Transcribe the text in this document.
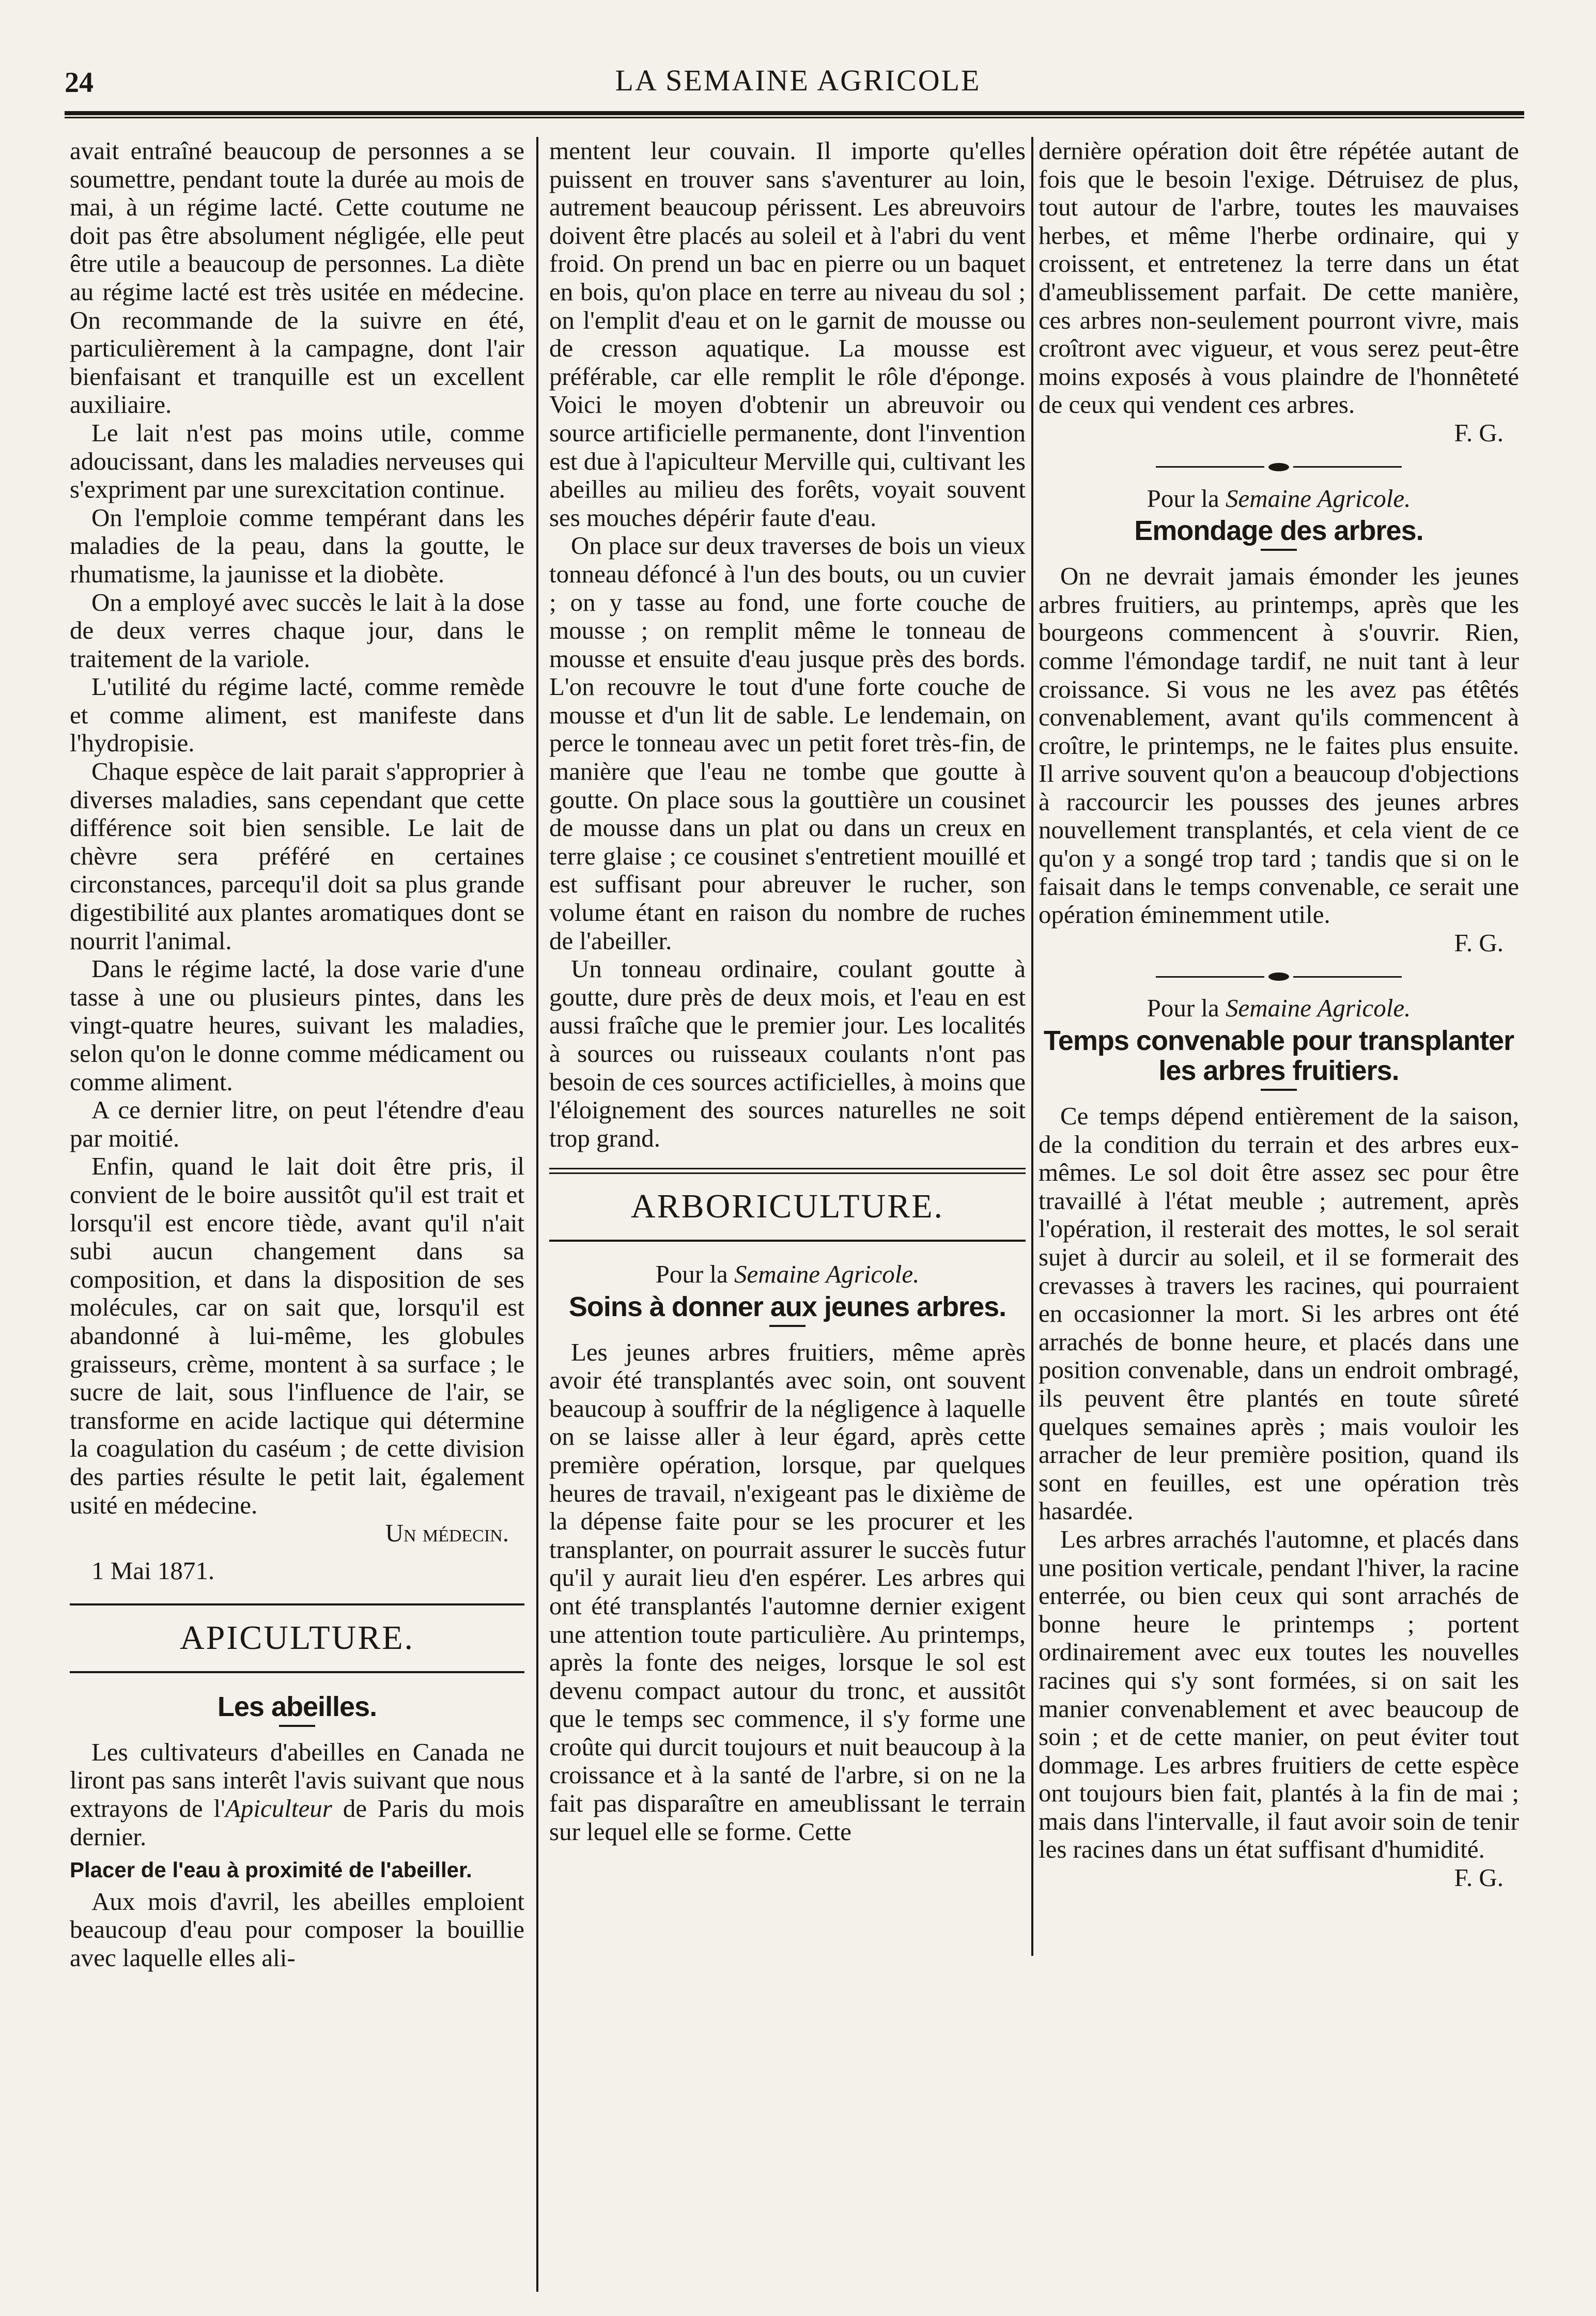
24	LA SEMAINE AGRICOLE

avait entraîné beaucoup de personnes a se soumettre, pendant toute la durée au mois de mai, à un régime lacté. Cette coutume ne doit pas être absolument négligée, elle peut être utile a beaucoup de personnes. La diète au régime lacté est très usitée en médecine. On recommande de la suivre en été, particulièrement à la campagne, dont l'air bienfaisant et tranquille est un excellent auxiliaire.

Le lait n'est pas moins utile, comme adoucissant, dans les maladies nerveuses qui s'expriment par une surexcitation continue.

On l'emploie comme tempérant dans les maladies de la peau, dans la goutte, le rhumatisme, la jaunisse et la diobète.

On a employé avec succès le lait à la dose de deux verres chaque jour, dans le traitement de la variole.

L'utilité du régime lacté, comme remède et comme aliment, est manifeste dans l'hydropisie.

Chaque espèce de lait parait s'approprier à diverses maladies, sans cependant que cette différence soit bien sensible. Le lait de chèvre sera préféré en certaines circonstances, parcequ'il doit sa plus grande digestibilité aux plantes aromatiques dont se nourrit l'animal.

Dans le régime lacté, la dose varie d'une tasse à une ou plusieurs pintes, dans les vingt-quatre heures, suivant les maladies, selon qu'on le donne comme médicament ou comme aliment.

A ce dernier litre, on peut l'étendre d'eau par moitié.

Enfin, quand le lait doit être pris, il convient de le boire aussitôt qu'il est trait et lorsqu'il est encore tiède, avant qu'il n'ait subi aucun changement dans sa composition, et dans la disposition de ses molécules, car on sait que, lorsqu'il est abandonné à lui-même, les globules graisseurs, crème, montent à sa surface ; le sucre de lait, sous l'influence de l'air, se transforme en acide lactique qui détermine la coagulation du caséum ; de cette division des parties résulte le petit lait, également usité en médecine.

Un médecin.
1 Mai 1871.
APICULTURE.
Les abeilles.

Les cultivateurs d'abeilles en Canada ne liront pas sans interêt l'avis suivant que nous extrayons de l'Apiculteur de Paris du mois dernier.

Placer de l'eau à proximité de l'abeiller.

Aux mois d'avril, les abeilles emploient beaucoup d'eau pour composer la bouillie avec laquelle elles ali-

mentent leur couvain. Il importe qu'elles puissent en trouver sans s'aventurer au loin, autrement beaucoup périssent. Les abreuvoirs doivent être placés au soleil et à l'abri du vent froid. On prend un bac en pierre ou un baquet en bois, qu'on place en terre au niveau du sol ; on l'emplit d'eau et on le garnit de mousse ou de cresson aquatique. La mousse est préférable, car elle remplit le rôle d'éponge. Voici le moyen d'obtenir un abreuvoir ou source artificielle permanente, dont l'invention est due à l'apiculteur Merville qui, cultivant les abeilles au milieu des forêts, voyait souvent ses mouches dépérir faute d'eau.

On place sur deux traverses de bois un vieux tonneau défoncé à l'un des bouts, ou un cuvier ; on y tasse au fond, une forte couche de mousse ; on remplit même le tonneau de mousse et ensuite d'eau jusque près des bords. L'on recouvre le tout d'une forte couche de mousse et d'un lit de sable. Le lendemain, on perce le tonneau avec un petit foret très-fin, de manière que l'eau ne tombe que goutte à goutte. On place sous la gouttière un cousinet de mousse dans un plat ou dans un creux en terre glaise ; ce cousinet s'entretient mouillé et est suffisant pour abreuver le rucher, son volume étant en raison du nombre de ruches de l'abeiller.

Un tonneau ordinaire, coulant goutte à goutte, dure près de deux mois, et l'eau en est aussi fraîche que le premier jour. Les localités à sources ou ruisseaux coulants n'ont pas besoin de ces sources actificielles, à moins que l'éloignement des sources naturelles ne soit trop grand.

ARBORICULTURE.
Pour la Semaine Agricole.
Soins à donner aux jeunes arbres.

Les jeunes arbres fruitiers, même après avoir été transplantés avec soin, ont souvent beaucoup à souffrir de la négligence à laquelle on se laisse aller à leur égard, après cette première opération, lorsque, par quelques heures de travail, n'exigeant pas le dixième de la dépense faite pour se les procurer et les transplanter, on pourrait assurer le succès futur qu'il y aurait lieu d'en espérer. Les arbres qui ont été transplantés l'automne dernier exigent une attention toute particulière. Au printemps, après la fonte des neiges, lorsque le sol est devenu compact autour du tronc, et aussitôt que le temps sec commence, il s'y forme une croûte qui durcit toujours et nuit beaucoup à la croissance et à la santé de l'arbre, si on ne la fait pas disparaître en ameublissant le terrain sur lequel elle se forme. Cette

dernière opération doit être répétée autant de fois que le besoin l'exige. Détruisez de plus, tout autour de l'arbre, toutes les mauvaises herbes, et même l'herbe ordinaire, qui y croissent, et entretenez la terre dans un état d'ameublissement parfait. De cette manière, ces arbres non-seulement pourront vivre, mais croîtront avec vigueur, et vous serez peut-être moins exposés à vous plaindre de l'honnêteté de ceux qui vendent ces arbres.

F. G.
Pour la Semaine Agricole.
Emondage des arbres.

On ne devrait jamais émonder les jeunes arbres fruitiers, au printemps, après que les bourgeons commencent à s'ouvrir. Rien, comme l'émondage tardif, ne nuit tant à leur croissance. Si vous ne les avez pas étêtés convenablement, avant qu'ils commencent à croître, le printemps, ne le faites plus ensuite. Il arrive souvent qu'on a beaucoup d'objections à raccourcir les pousses des jeunes arbres nouvellement transplantés, et cela vient de ce qu'on y a songé trop tard ; tandis que si on le faisait dans le temps convenable, ce serait une opération éminemment utile.

F. G.
Pour la Semaine Agricole.
Temps convenable pour transplanter les arbres fruitiers.

Ce temps dépend entièrement de la saison, de la condition du terrain et des arbres eux-mêmes. Le sol doit être assez sec pour être travaillé à l'état meuble ; autrement, après l'opération, il resterait des mottes, le sol serait sujet à durcir au soleil, et il se formerait des crevasses à travers les racines, qui pourraient en occasionner la mort. Si les arbres ont été arrachés de bonne heure, et placés dans une position convenable, dans un endroit ombragé, ils peuvent être plantés en toute sûreté quelques semaines après ; mais vouloir les arracher de leur première position, quand ils sont en feuilles, est une opération très hasardée.

Les arbres arrachés l'automne, et placés dans une position verticale, pendant l'hiver, la racine enterrée, ou bien ceux qui sont arrachés de bonne heure le printemps ; portent ordinairement avec eux toutes les nouvelles racines qui s'y sont formées, si on sait les manier convenablement et avec beaucoup de soin ; et de cette manier, on peut éviter tout dommage. Les arbres fruitiers de cette espèce ont toujours bien fait, plantés à la fin de mai ; mais dans l'intervalle, il faut avoir soin de tenir les racines dans un état suffisant d'humidité.

F. G.
